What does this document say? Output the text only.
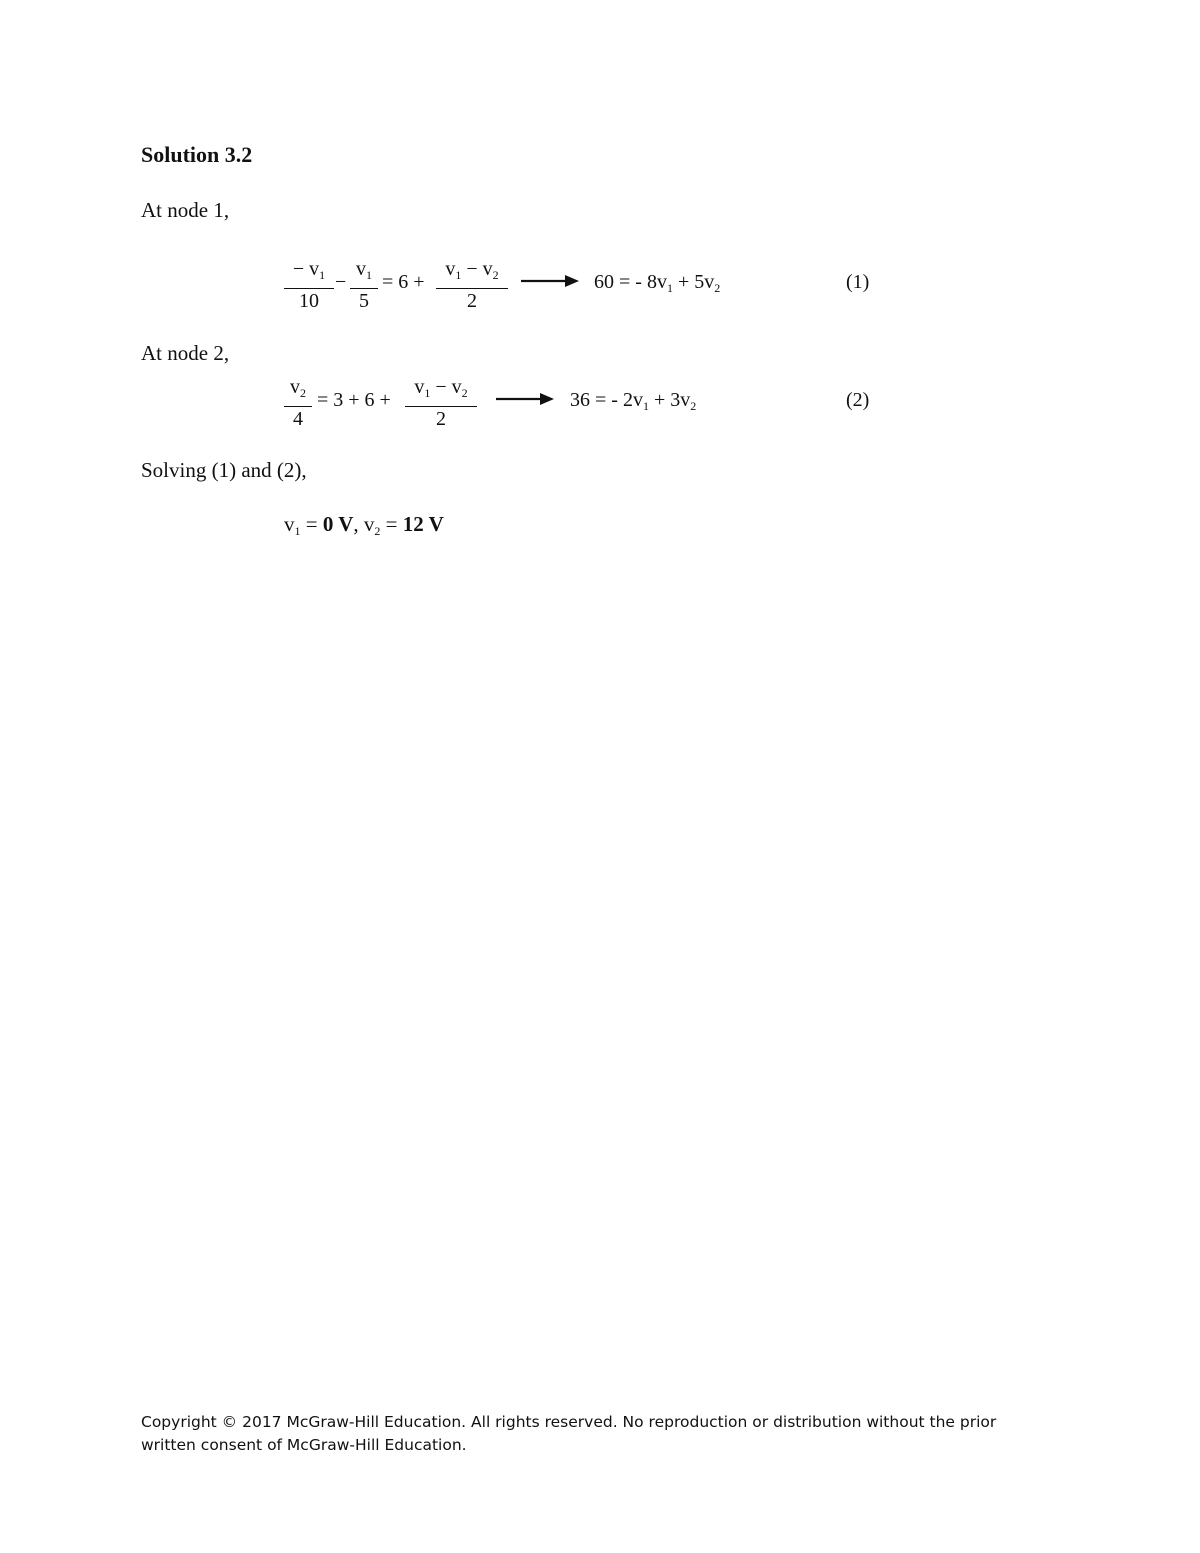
Solution 3.2
At node 1,
− $v_1$
10
−
$v_1$
5
= 6 +
$v_1 - v_2$
2
60 = - $8v_1 + 5v_2$	(1)
At node 2,
$v_2$
4
= 3 + 6 +
$v_1 - v_2$
2
36 = - $2v_1 + 3v_2$	(2)
Solving (1) and (2),
$v_1 = 0$ V, $v_2 = 12$ V
Copyright © 2017 McGraw-Hill Education. All rights reserved. No reproduction or distribution without the prior
written consent of McGraw-Hill Education.
